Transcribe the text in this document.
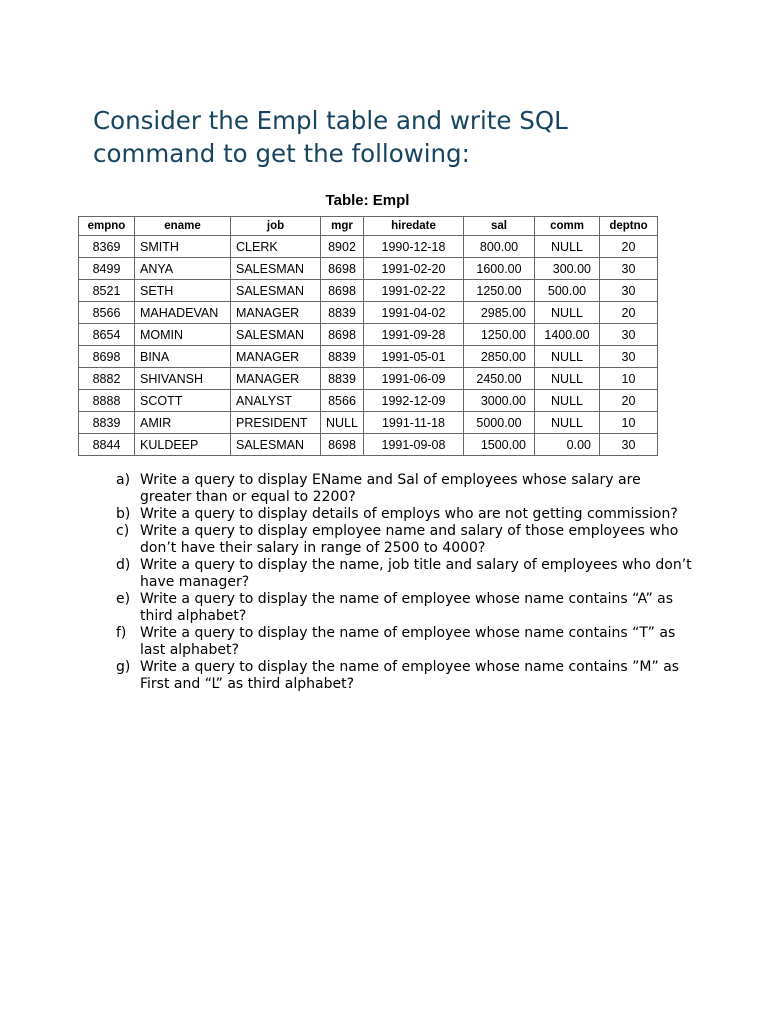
Consider the Empl table and write SQL
command to get the following:
Table: Empl
empno	ename	job	mgr	hiredate	sal	comm	deptno
8369	SMITH	CLERK	8902	1990-12-18	800.00	NULL	20
8499	ANYA	SALESMAN	8698	1991-02-20	1600.00	300.00	30
8521	SETH	SALESMAN	8698	1991-02-22	1250.00	500.00	30
8566	MAHADEVAN	MANAGER	8839	1991-04-02	2985.00	NULL	20
8654	MOMIN	SALESMAN	8698	1991-09-28	1250.00	1400.00	30
8698	BINA	MANAGER	8839	1991-05-01	2850.00	NULL	30
8882	SHIVANSH	MANAGER	8839	1991-06-09	2450.00	NULL	10
8888	SCOTT	ANALYST	8566	1992-12-09	3000.00	NULL	20
8839	AMIR	PRESIDENT	NULL	1991-11-18	5000.00	NULL	10
8844	KULDEEP	SALESMAN	8698	1991-09-08	1500.00	0.00	30
a) Write a query to display EName and Sal of employees whose salary are greater than or equal to 2200?
b) Write a query to display details of employs who are not getting commission?
c) Write a query to display employee name and salary of those employees who don’t have their salary in range of 2500 to 4000?
d) Write a query to display the name, job title and salary of employees who don’t have manager?
e) Write a query to display the name of employee whose name contains “A” as third alphabet?
f) Write a query to display the name of employee whose name contains “T” as last alphabet?
g) Write a query to display the name of employee whose name contains ”M” as First and “L” as third alphabet?
